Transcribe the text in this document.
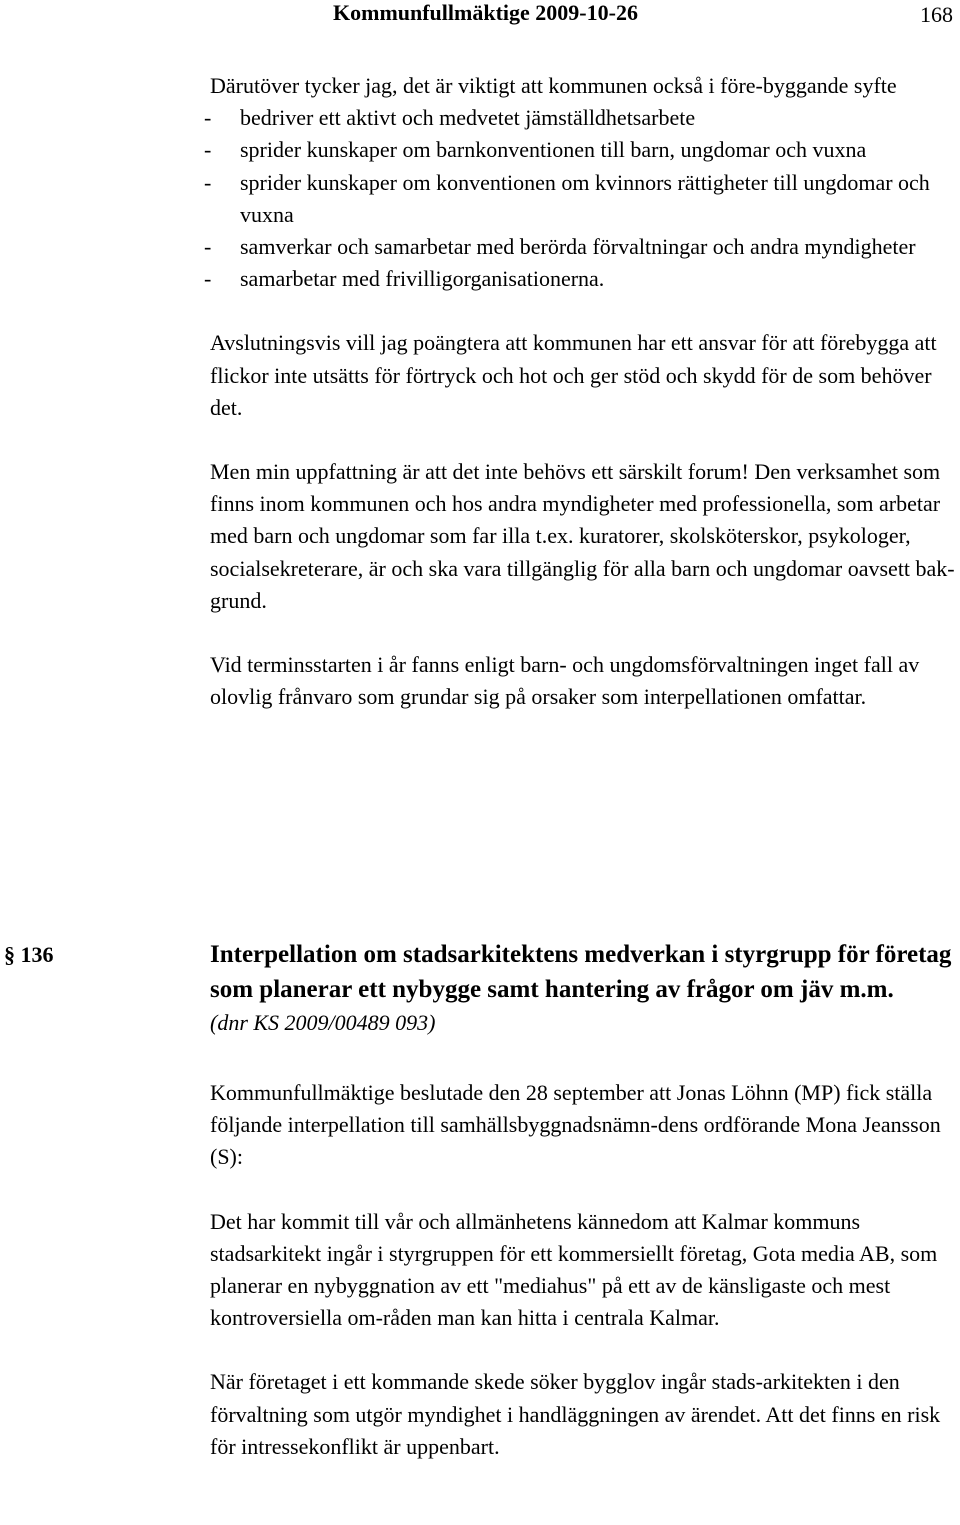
Kommunfullmäktige 2009-10-26	168

Därutöver tycker jag, det är viktigt att kommunen också i före-byggande syfte

- bedriver ett aktivt och medvetet jämställdhetsarbete
- sprider kunskaper om barnkonventionen till barn, ungdomar och vuxna
- sprider kunskaper om konventionen om kvinnors rättigheter till ungdomar och vuxna
- samverkar och samarbetar med berörda förvaltningar och andra myndigheter
- samarbetar med frivilligorganisationerna.

Avslutningsvis vill jag poängtera att kommunen har ett ansvar för att förebygga att flickor inte utsätts för förtryck och hot och ger stöd och skydd för de som behöver det.

Men min uppfattning är att det inte behövs ett särskilt forum! Den verksamhet som finns inom kommunen och hos andra myndigheter med professionella, som arbetar med barn och ungdomar som far illa t.ex. kuratorer, skolsköterskor, psykologer, socialsekreterare, är och ska vara tillgänglig för alla barn och ungdomar oavsett bak-grund.

Vid terminsstarten i år fanns enligt barn- och ungdomsförvaltningen inget fall av olovlig frånvaro som grundar sig på orsaker som interpellationen omfattar.

§ 136	Interpellation om stadsarkitektens medverkan i styrgrupp för företag som planerar ett nybygge samt hantering av frågor om jäv m.m.

(dnr KS 2009/00489 093)

Kommunfullmäktige beslutade den 28 september att Jonas Löhnn (MP) fick ställa följande interpellation till samhällsbyggnadsnämn-dens ordförande Mona Jeansson (S):

Det har kommit till vår och allmänhetens kännedom att Kalmar kommuns stadsarkitekt ingår i styrgruppen för ett kommersiellt företag, Gota media AB, som planerar en nybyggnation av ett "mediahus" på ett av de känsligaste och mest kontroversiella om-råden man kan hitta i centrala Kalmar.

När företaget i ett kommande skede söker bygglov ingår stads-arkitekten i den förvaltning som utgör myndighet i handläggningen av ärendet. Att det finns en risk för intressekonflikt är uppenbart.
